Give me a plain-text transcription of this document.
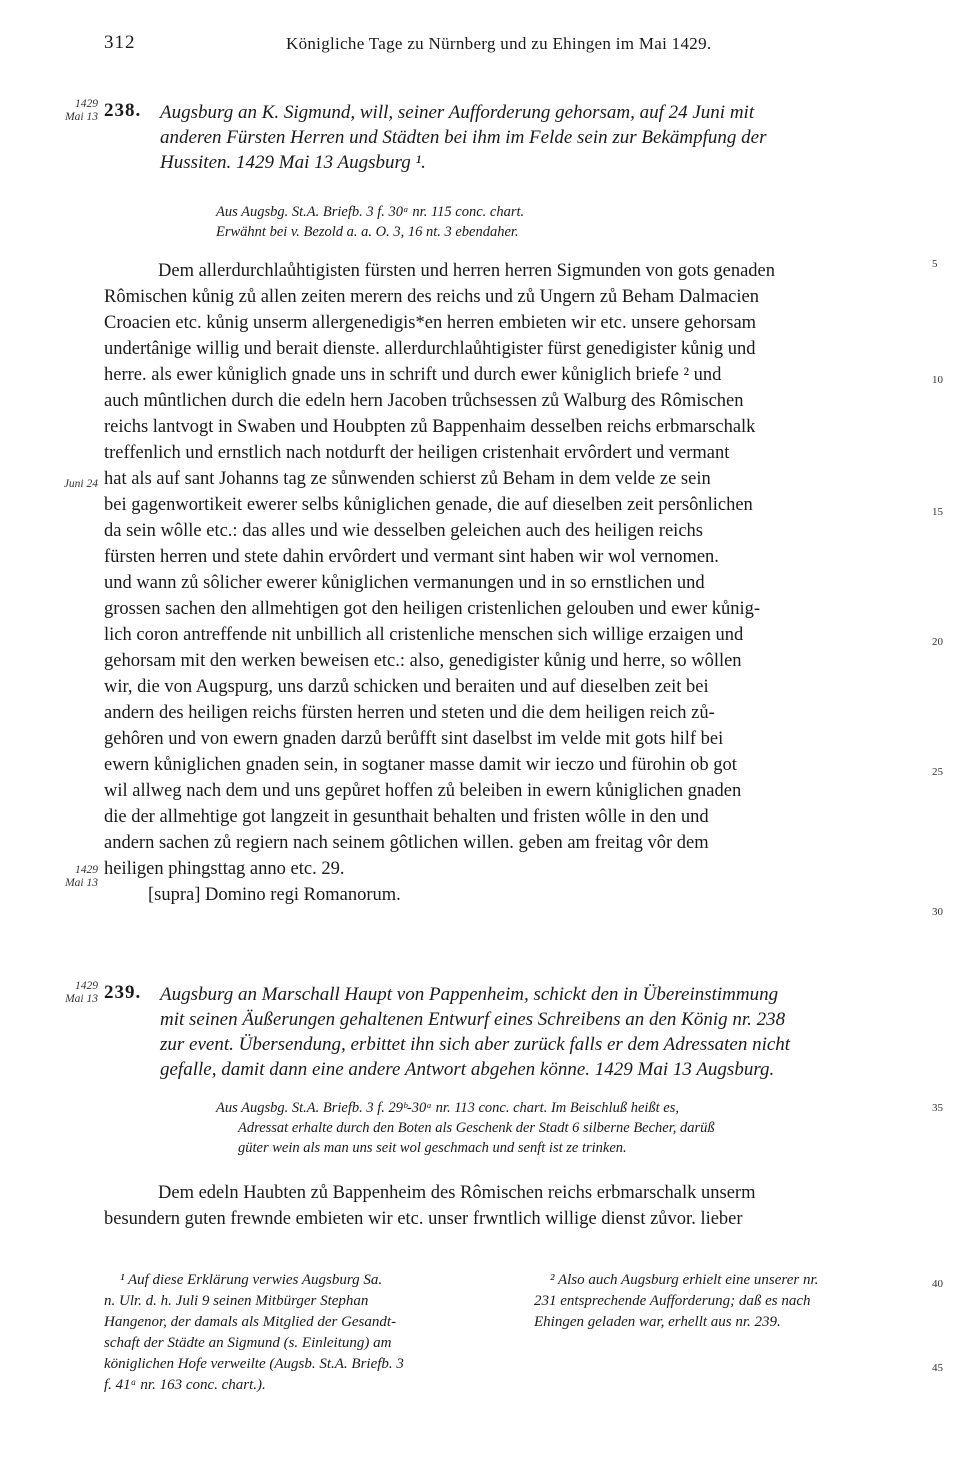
312	Königliche Tage zu Nürnberg und zu Ehingen im Mai 1429.
1429
Mai 13 238. Augsburg an K. Sigmund, will, seiner Aufforderung gehorsam, auf 24 Juni mit
anderen Fürsten Herren und Städten bei ihm im Felde sein zur Bekämpfung der
Hussiten. 1429 Mai 13 Augsburg ¹.
Aus Augsbg. St.A. Briefb. 3 f. 30ᵃ nr. 115 conc. chart.
Erwähnt bei v. Bezold a. a. O. 3, 16 nt. 3 ebendaher.
Dem allerdurchlaůhtigisten fürsten und herren herren Sigmunden von gots genaden
Rômischen kůnig zů allen zeiten merern des reichs und zů Ungern zů Beham Dalmacien
Croacien etc. kůnig unserm allergenedigis*en herren embieten wir etc. unsere gehorsam
undertânige willig und berait dienste. allerdurchlaůhtigister fürst genedigister kůnig und
herre. als ewer kůniglich gnade uns in schrift und durch ewer kůniglich briefe ² und
auch mûntlichen durch die edeln hern Jacoben trůchsessen zů Walburg des Rômischen
reichs lantvogt in Swaben und Houbpten zů Bappenhaim desselben reichs erbmarschalk
treffenlich und ernstlich nach notdurft der heiligen cristenhait ervôrdert und vermant
hat als auf sant Johanns tag ze sůnwenden schierst zů Beham in dem velde ze sein
bei gagenwortikeit ewerer selbs kůniglichen genade, die auf dieselben zeit persônlichen
da sein wôlle etc.: das alles und wie desselben geleichen auch des heiligen reichs
fürsten herren und stete dahin ervôrdert und vermant sint haben wir wol vernomen.
und wann zů sôlicher ewerer kůniglichen vermanungen und in so ernstlichen und
grossen sachen den allmehtigen got den heiligen cristenlichen gelouben und ewer kůnig-
lich coron antreffende nit unbillich all cristenliche menschen sich willige erzaigen und
gehorsam mit den werken beweisen etc.: also, genedigister kůnig und herre, so wôllen
wir, die von Augspurg, uns darzů schicken und beraiten und auf dieselben zeit bei
andern des heiligen reichs fürsten herren und steten und die dem heiligen reich zů-
gehôren und von ewern gnaden darzů berůfft sint daselbst im velde mit gots hilf bei
ewern kůniglichen gnaden sein, in sogtaner masse damit wir ieczo und fürohin ob got
wil allweg nach dem und uns gepůret hoffen zů beleiben in ewern kůniglichen gnaden
die der allmehtige got langzeit in gesunthait behalten und fristen wôlle in den und
andern sachen zů regiern nach seinem gôtlichen willen. geben am freitag vôr dem
heiligen phingsttag anno etc. 29.
[supra] Domino regi Romanorum.
Juni 24
1429
Mai 13
1429
Mai 13 239. Augsburg an Marschall Haupt von Pappenheim, schickt den in Übereinstimmung
mit seinen Äußerungen gehaltenen Entwurf eines Schreibens an den König nr. 238
zur event. Übersendung, erbittet ihn sich aber zurück falls er dem Adressaten nicht
gefalle, damit dann eine andere Antwort abgehen könne. 1429 Mai 13 Augsburg.
Aus Augsbg. St.A. Briefb. 3 f. 29ᵇ-30ᵃ nr. 113 conc. chart. Im Beischluß heißt es,
Adressat erhalte durch den Boten als Geschenk der Stadt 6 silberne Becher, darüß
güter wein als man uns seit wol geschmach und senft ist ze trinken.
Dem edeln Haubten zů Bappenheim des Rômischen reichs erbmarschalk unserm
besundern guten frewnde embieten wir etc. unser frwntlich willige dienst zůvor. lieber
¹ Auf diese Erklärung verwies Augsburg Sa.
n. Ulr. d. h. Juli 9 seinen Mitbürger Stephan
Hangenor, der damals als Mitglied der Gesandt-
schaft der Städte an Sigmund (s. Einleitung) am
königlichen Hofe verweilte (Augsb. St.A. Briefb. 3
f. 41ᵃ nr. 163 conc. chart.).
² Also auch Augsburg erhielt eine unserer nr.
231 entsprechende Aufforderung; daß es nach
Ehingen geladen war, erhellt aus nr. 239.
5
10
15
20
25
30
35
40
45
